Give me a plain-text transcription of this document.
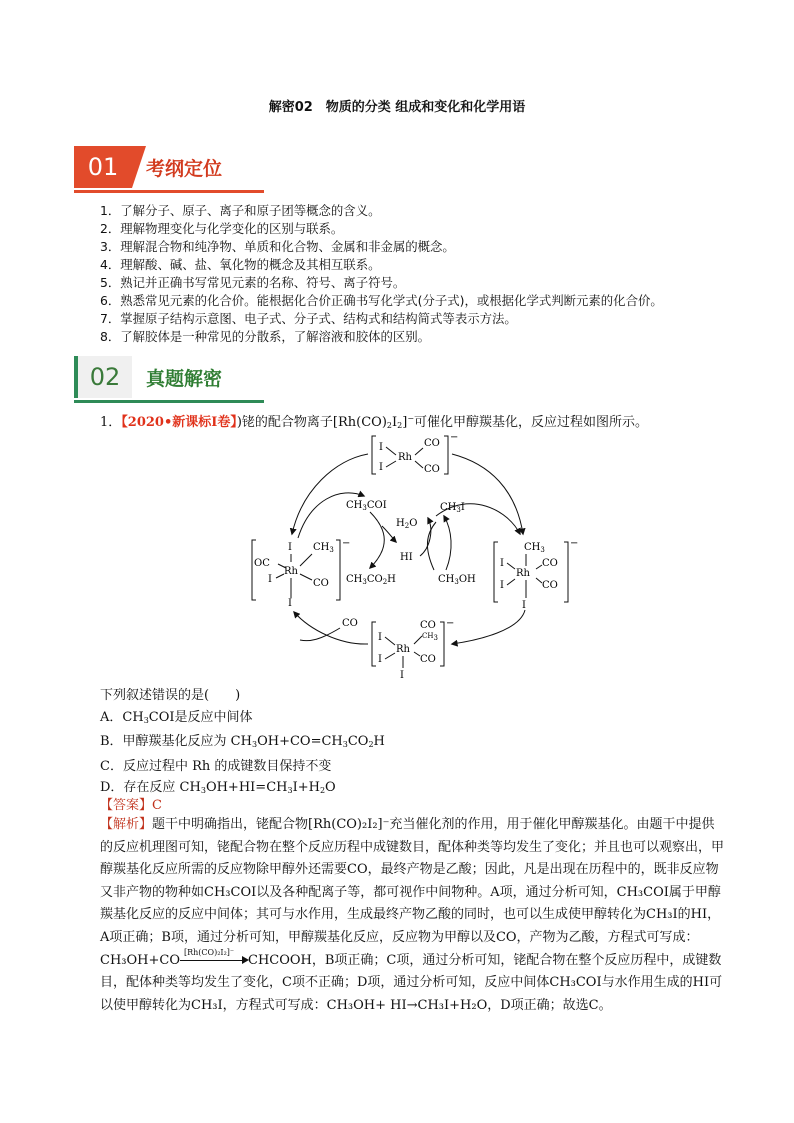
解密02　物质的分类 组成和变化和化学用语
01	考纲定位
1．了解分子、原子、离子和原子团等概念的含义。
2．理解物理变化与化学变化的区别与联系。
3．理解混合物和纯净物、单质和化合物、金属和非金属的概念。
4．理解酸、碱、盐、氧化物的概念及其相互联系。
5．熟记并正确书写常见元素的名称、符号、离子符号。
6．熟悉常见元素的化合价。能根据化合价正确书写化学式(分子式)，或根据化学式判断元素的化合价。
7．掌握原子结构示意图、电子式、分子式、结构式和结构简式等表示方法。
8．了解胶体是一种常见的分散系，了解溶液和胶体的区别。
02	真题解密
1．【2020•新课标Ⅰ卷】)铑的配合物离子$[Rh(CO)_2I_2]^-$可催化甲醇羰基化，反应过程如图所示。
I
I
Rh
CO
CO
−
OC
I
I
I
Rh
$CH_3$
CO
−	$CH_3$
I
I
Rh
CO
CO
I
−
CO
CH3
I
I
Rh
CO
I
−
$CH_3COI$
$H_2O$
HI
$CH_3I$
$CH_3CO_2H$	$CH_3OH$
CO
下列叙述错误的是(　　)
A．$CH_3COI$是反应中间体
B．甲醇羰基化反应为 $CH_3OH+CO=CH_3CO_2H$
C．反应过程中 Rh 的成键数目保持不变
D．存在反应 $CH_3OH+HI=CH_3I+H_2O$
【答案】C

【解析】题干中明确指出，铑配合物[Rh(CO)₂I₂]⁻充当催化剂的作用，用于催化甲醇羰基化。由题干中提供的反应机理图可知，铑配合物在整个反应历程中成键数目，配体种类等均发生了变化；并且也可以观察出，甲醇羰基化反应所需的反应物除甲醇外还需要CO，最终产物是乙酸；因此，凡是出现在历程中的，既非反应物又非产物的物种如CH₃COI以及各种配离子等，都可视作中间物种。A项，通过分析可知，CH₃COI属于甲醇羰基化反应的反应中间体；其可与水作用，生成最终产物乙酸的同时，也可以生成使甲醇转化为CH₃I的HI，A项正确；B项，通过分析可知，甲醇羰基化反应，反应物为甲醇以及CO，产物为乙酸，方程式可写成：CH₃OH+CO
[Rh(CO)₂I₂]⁻
CHCOOH，B项正确；C项，通过分析可知，铑配合物在整个反应历程中，成键数目，配体种类等均发生了变化，C项不正确；D项，通过分析可知，反应中间体CH₃COI与水作用生成的HI可以使甲醇转化为CH₃I，方程式可写成：CH₃OH+ HI→CH₃I+H₂O，D项正确；故选C。
